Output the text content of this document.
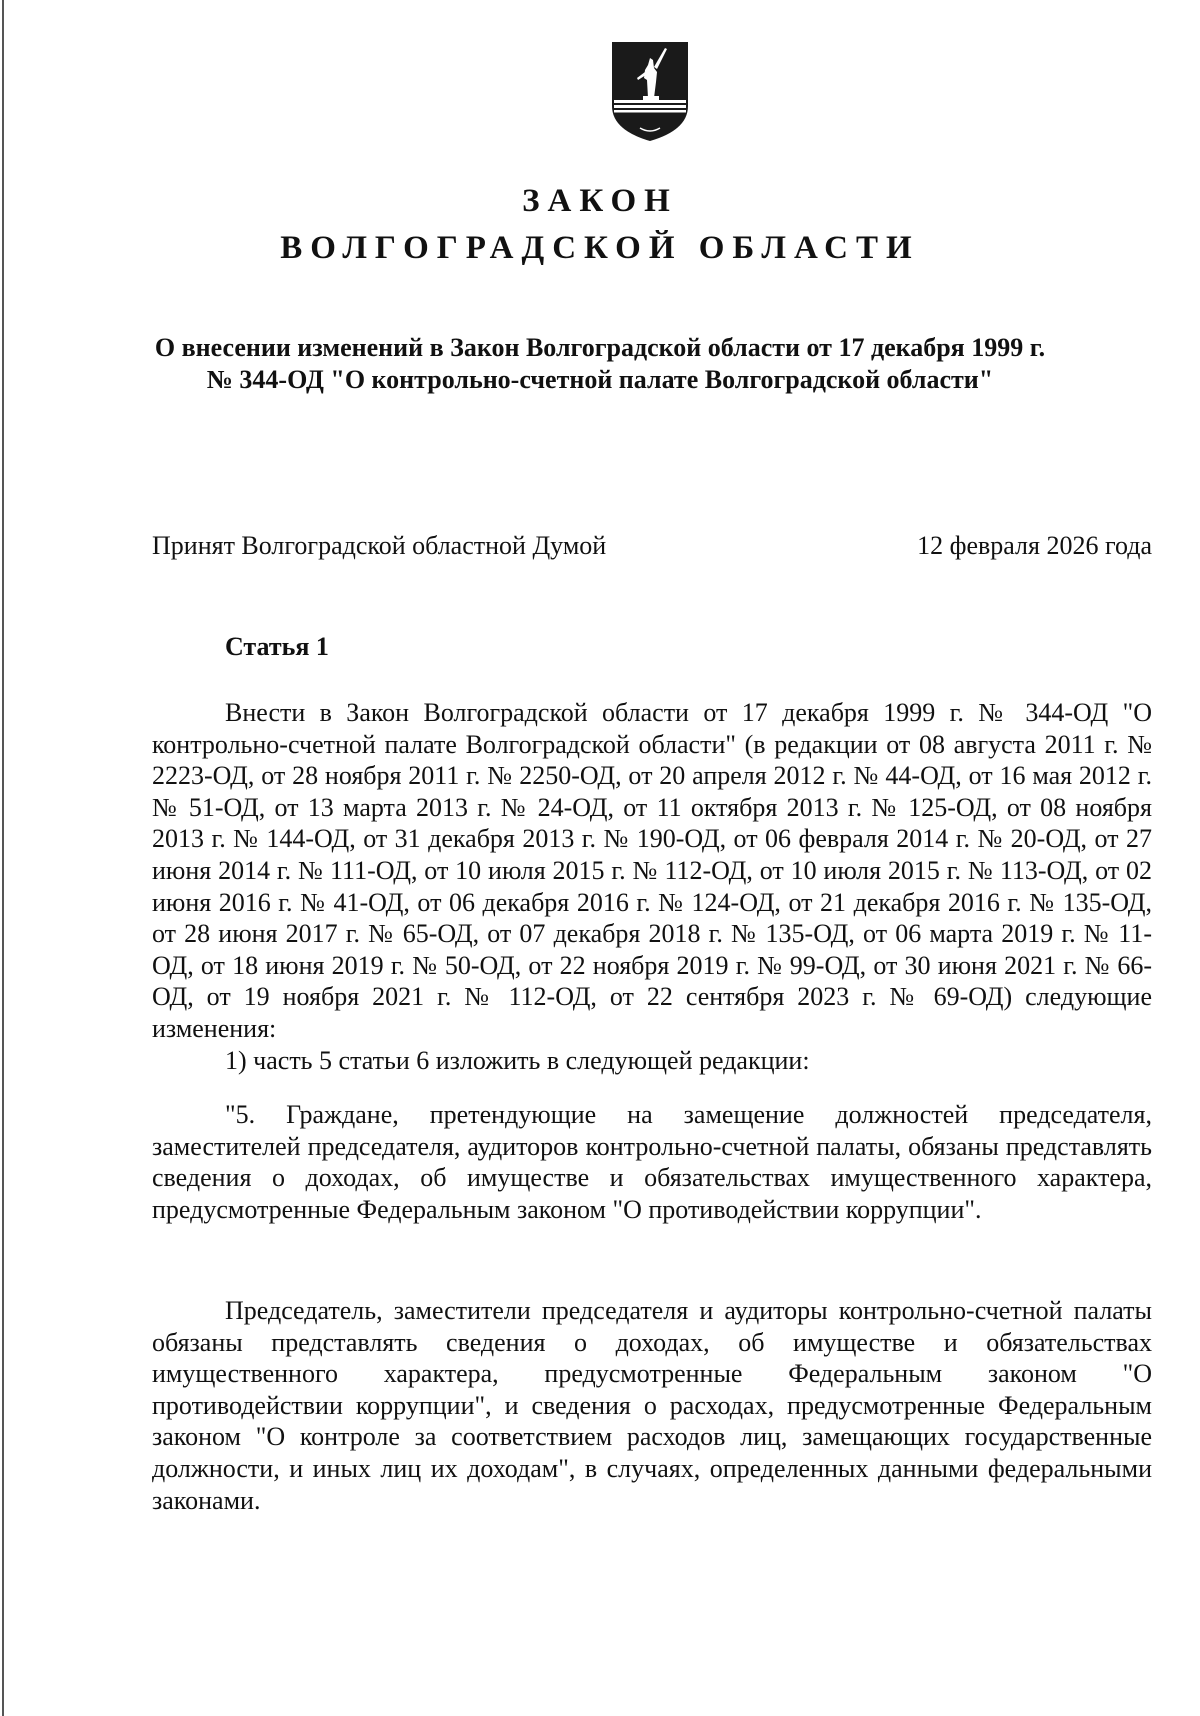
ЗАКОН
ВОЛГОГРАДСКОЙ ОБЛАСТИ
О внесении изменений в Закон Волгоградской области от 17 декабря 1999 г. № 344-ОД "О контрольно-счетной палате Волгоградской области"
Принят Волгоградской областной Думой	12 февраля 2026 года
Статья 1

Внести в Закон Волгоградской области от 17 декабря 1999 г. № 344-ОД "О контрольно-счетной палате Волгоградской области" (в редакции от 08 августа 2011 г. № 2223-ОД, от 28 ноября 2011 г. № 2250-ОД, от 20 апреля 2012 г. № 44-ОД, от 16 мая 2012 г. № 51-ОД, от 13 марта 2013 г. № 24-ОД, от 11 октября 2013 г. № 125-ОД, от 08 ноября 2013 г. № 144-ОД, от 31 декабря 2013 г. № 190-ОД, от 06 февраля 2014 г. № 20-ОД, от 27 июня 2014 г. № 111-ОД, от 10 июля 2015 г. № 112-ОД, от 10 июля 2015 г. № 113-ОД, от 02 июня 2016 г. № 41-ОД, от 06 декабря 2016 г. № 124-ОД, от 21 декабря 2016 г. № 135-ОД, от 28 июня 2017 г. № 65-ОД, от 07 декабря 2018 г. № 135-ОД, от 06 марта 2019 г. № 11-ОД, от 18 июня 2019 г. № 50-ОД, от 22 ноября 2019 г. № 99-ОД, от 30 июня 2021 г. № 66-ОД, от 19 ноября 2021 г. № 112-ОД, от 22 сентября 2023 г. № 69-ОД) следующие изменения:

1) часть 5 статьи 6 изложить в следующей редакции:

"5. Граждане, претендующие на замещение должностей председателя, заместителей председателя, аудиторов контрольно-счетной палаты, обязаны представлять сведения о доходах, об имуществе и обязательствах имущественного характера, предусмотренные Федеральным законом "О противодействии коррупции".

Председатель, заместители председателя и аудиторы контрольно-счетной палаты обязаны представлять сведения о доходах, об имуществе и обязательствах имущественного характера, предусмотренные Федеральным законом "О противодействии коррупции", и сведения о расходах, предусмотренные Федеральным законом "О контроле за соответствием расходов лиц, замещающих государственные должности, и иных лиц их доходам", в случаях, определенных данными федеральными законами.
